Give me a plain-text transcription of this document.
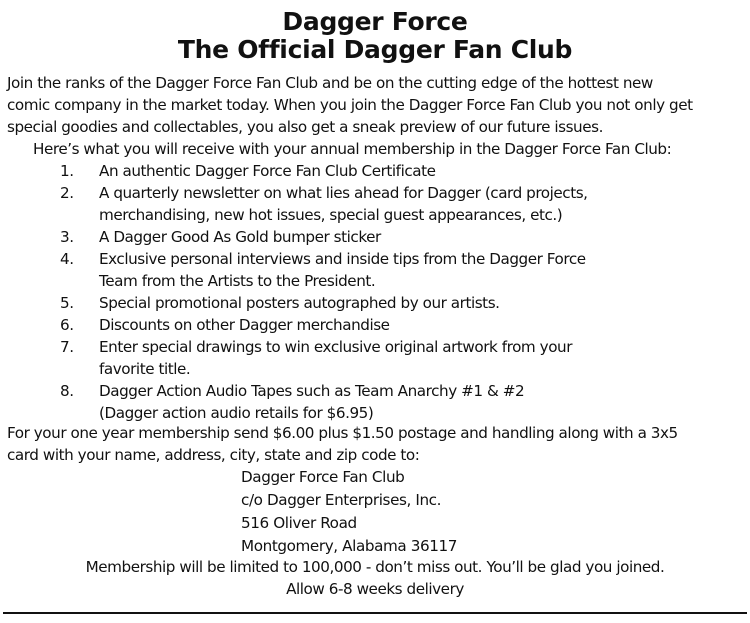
Dagger Force
The Official Dagger Fan Club
Join the ranks of the Dagger Force Fan Club and be on the cutting edge of the hottest new
comic company in the market today. When you join the Dagger Force Fan Club you not only get
special goodies and collectables, you also get a sneak preview of our future issues.
Here’s what you will receive with your annual membership in the Dagger Force Fan Club:
1. An authentic Dagger Force Fan Club Certificate
2. A quarterly newsletter on what lies ahead for Dagger (card projects,
merchandising, new hot issues, special guest appearances, etc.)
3. A Dagger Good As Gold bumper sticker
4. Exclusive personal interviews and inside tips from the Dagger Force
Team from the Artists to the President.
5. Special promotional posters autographed by our artists.
6. Discounts on other Dagger merchandise
7. Enter special drawings to win exclusive original artwork from your
favorite title.
8. Dagger Action Audio Tapes such as Team Anarchy #1 & #2
(Dagger action audio retails for $6.95)
For your one year membership send $6.00 plus $1.50 postage and handling along with a 3x5
card with your name, address, city, state and zip code to:
Dagger Force Fan Club
c/o Dagger Enterprises, Inc.
516 Oliver Road
Montgomery, Alabama 36117
Membership will be limited to 100,000 - don’t miss out. You’ll be glad you joined.
Allow 6-8 weeks delivery
